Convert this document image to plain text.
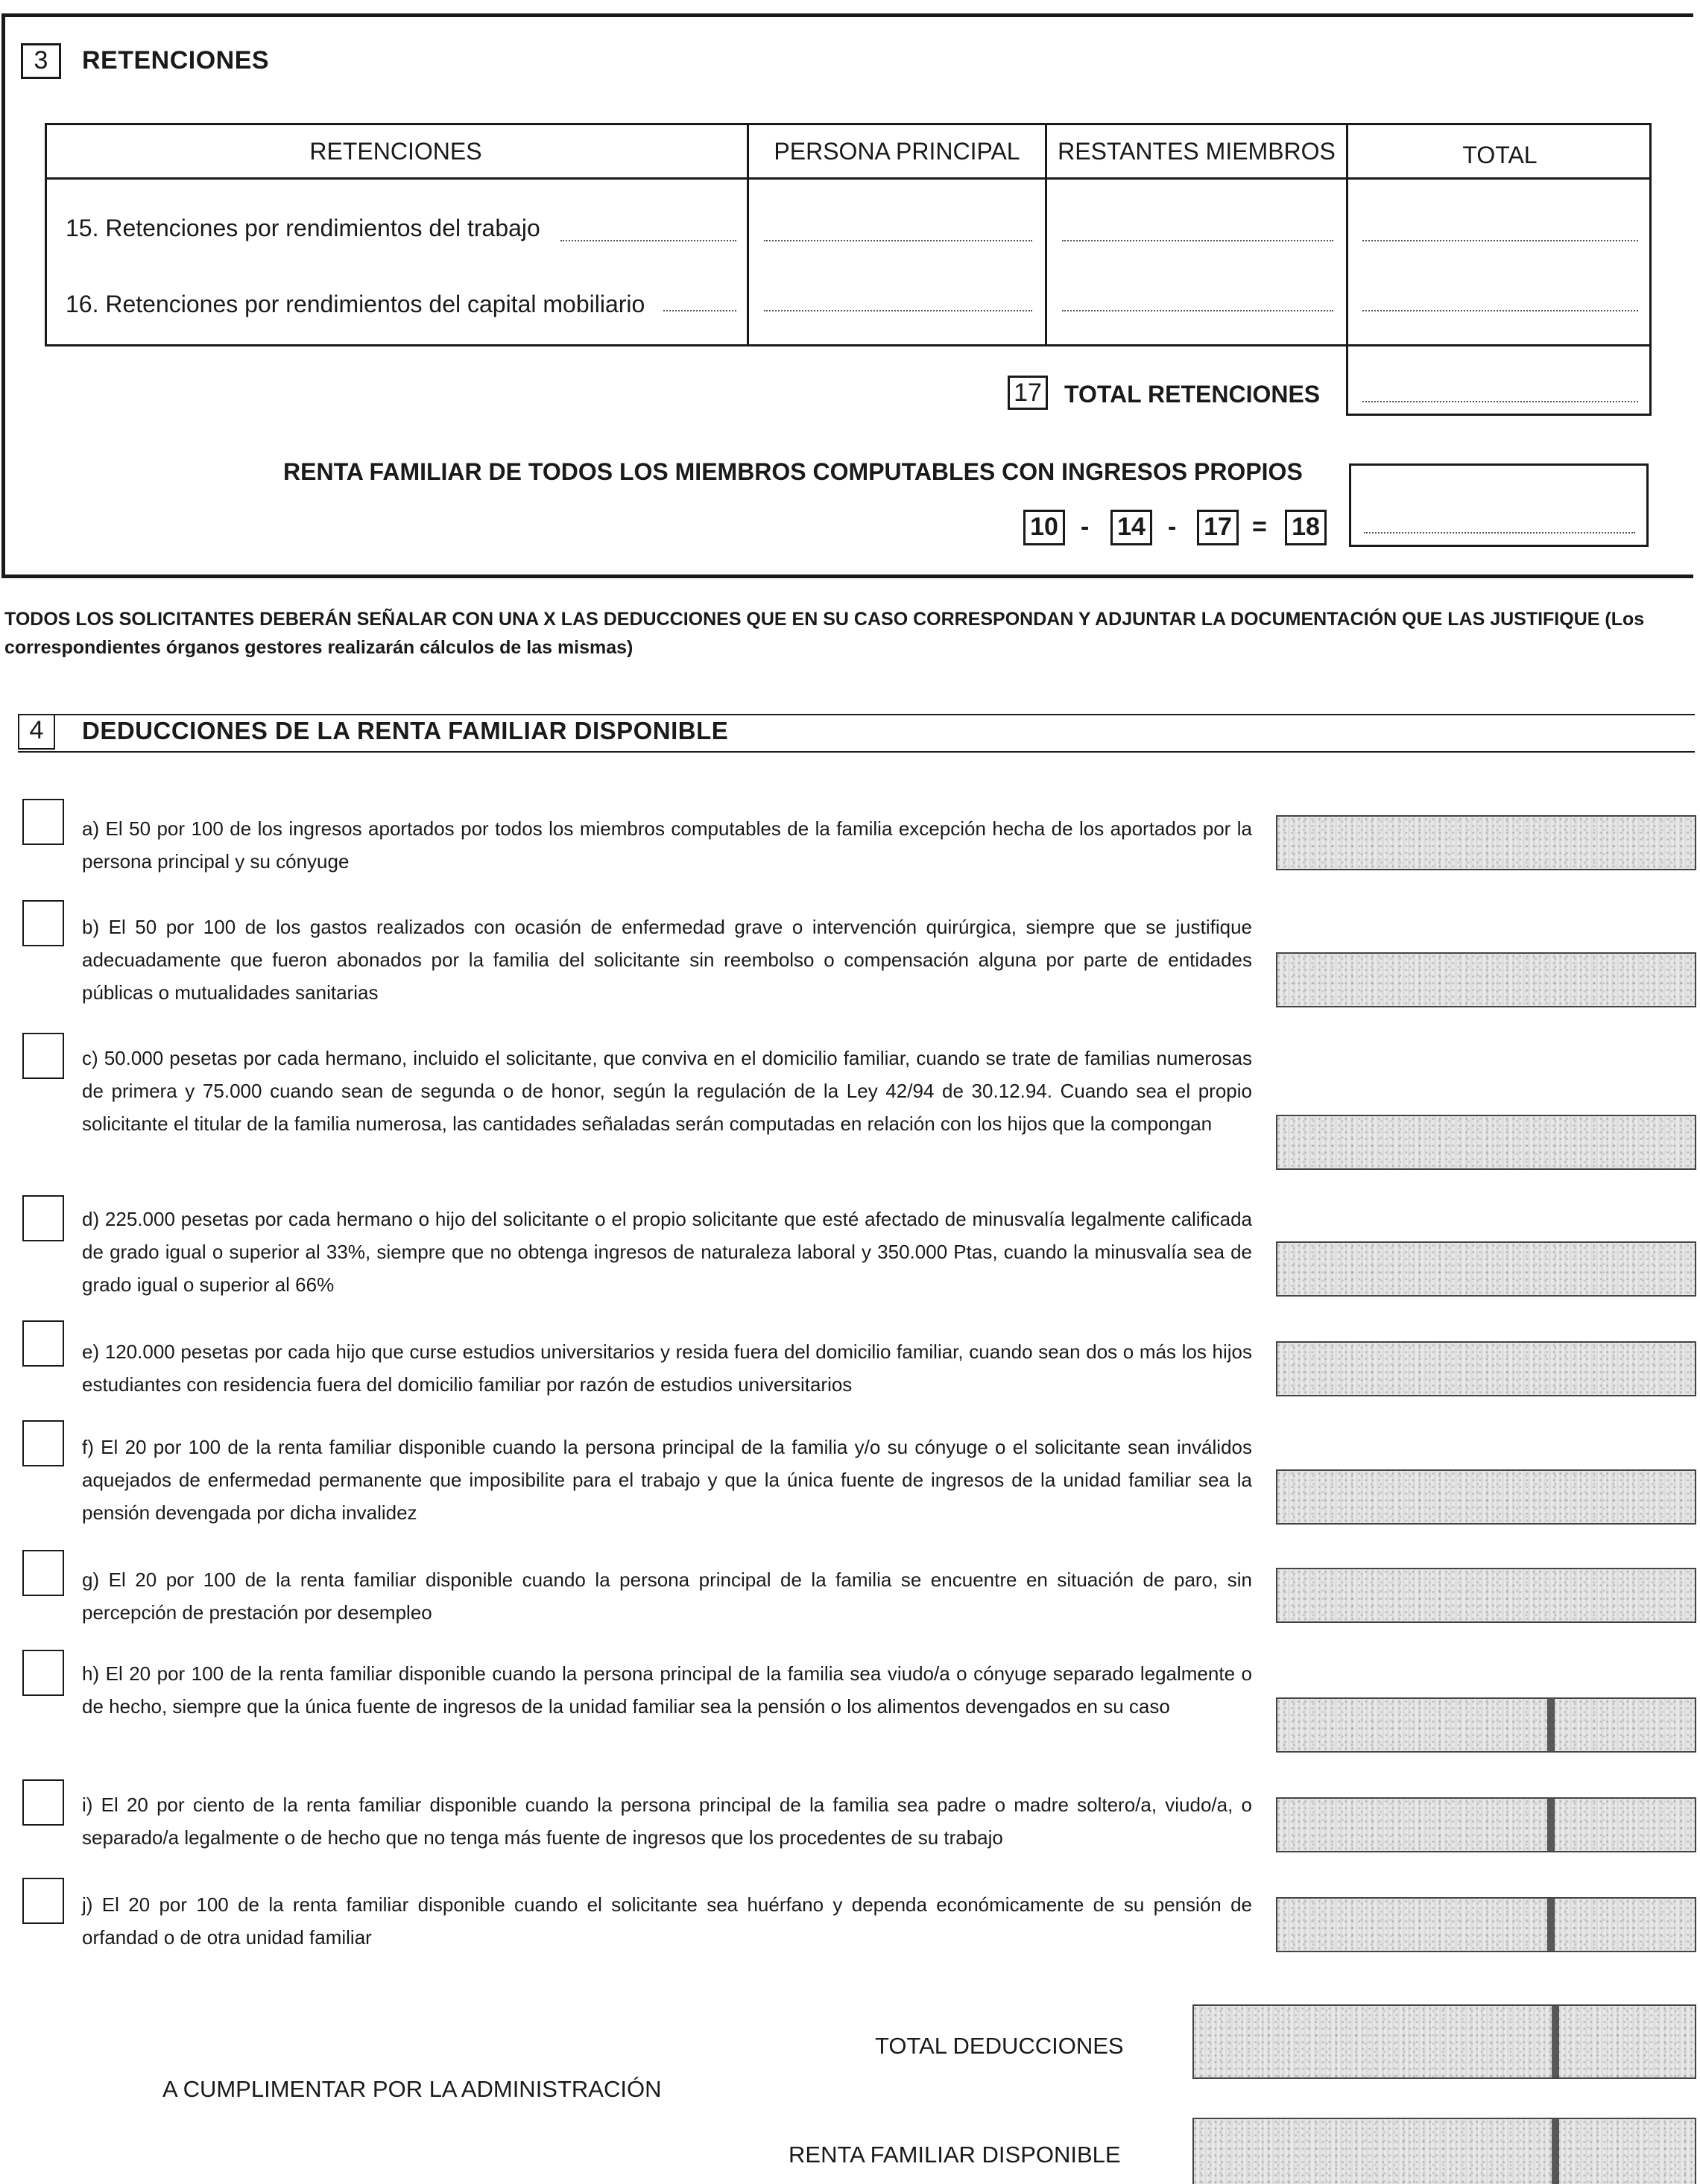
3	RETENCIONES
RETENCIONES	PERSONA PRINCIPAL	RESTANTES MIEMBROS	TOTAL
15. Retenciones por rendimientos del trabajo
16. Retenciones por rendimientos del capital mobiliario
17 TOTAL RETENCIONES
RENTA FAMILIAR DE TODOS LOS MIEMBROS COMPUTABLES CON INGRESOS PROPIOS
10 - 14 - 17 = 18
TODOS LOS SOLICITANTES DEBERÁN SEÑALAR CON UNA X LAS DEDUCCIONES QUE EN SU CASO CORRESPONDAN Y ADJUNTAR LA DOCUMENTACIÓN QUE LAS JUSTIFIQUE (Los correspondientes órganos gestores realizarán cálculos de las mismas)
4	DEDUCCIONES DE LA RENTA FAMILIAR DISPONIBLE
a) El 50 por 100 de los ingresos aportados por todos los miembros computables de la familia excepción hecha de los aportados por la persona principal y su cónyuge
b) El 50 por 100 de los gastos realizados con ocasión de enfermedad grave o intervención quirúrgica, siempre que se justifique adecuadamente que fueron abonados por la familia del solicitante sin reembolso o compensación alguna por parte de entidades públicas o mutualidades sanitarias
c) 50.000 pesetas por cada hermano, incluido el solicitante, que conviva en el domicilio familiar, cuando se trate de familias numerosas de primera y 75.000 cuando sean de segunda o de honor, según la regulación de la Ley 42/94 de 30.12.94. Cuando sea el propio solicitante el titular de la familia numerosa, las cantidades señaladas serán computadas en relación con los hijos que la compongan
d) 225.000 pesetas por cada hermano o hijo del solicitante o el propio solicitante que esté afectado de minusvalía legalmente calificada de grado igual o superior al 33%, siempre que no obtenga ingresos de naturaleza laboral y 350.000 Ptas, cuando la minusvalía sea de grado igual o superior al 66%
e) 120.000 pesetas por cada hijo que curse estudios universitarios y resida fuera del domicilio familiar, cuando sean dos o más los hijos estudiantes con residencia fuera del domicilio familiar por razón de estudios universitarios
f) El 20 por 100 de la renta familiar disponible cuando la persona principal de la familia y/o su cónyuge o el solicitante sean inválidos aquejados de enfermedad permanente que imposibilite para el trabajo y que la única fuente de ingresos de la unidad familiar sea la pensión devengada por dicha invalidez
g) El 20 por 100 de la renta familiar disponible cuando la persona principal de la familia se encuentre en situación de paro, sin percepción de prestación por desempleo
h) El 20 por 100 de la renta familiar disponible cuando la persona principal de la familia sea viudo/a o cónyuge separado legalmente o de hecho, siempre que la única fuente de ingresos de la unidad familiar sea la pensión o los alimentos devengados en su caso
i) El 20 por ciento de la renta familiar disponible cuando la persona principal de la familia sea padre o madre soltero/a, viudo/a, o separado/a legalmente o de hecho que no tenga más fuente de ingresos que los procedentes de su trabajo
j) El 20 por 100 de la renta familiar disponible cuando el solicitante sea huérfano y dependa económicamente de su pensión de orfandad o de otra unidad familiar
TOTAL DEDUCCIONES
A CUMPLIMENTAR POR LA ADMINISTRACIÓN
RENTA FAMILIAR DISPONIBLE
